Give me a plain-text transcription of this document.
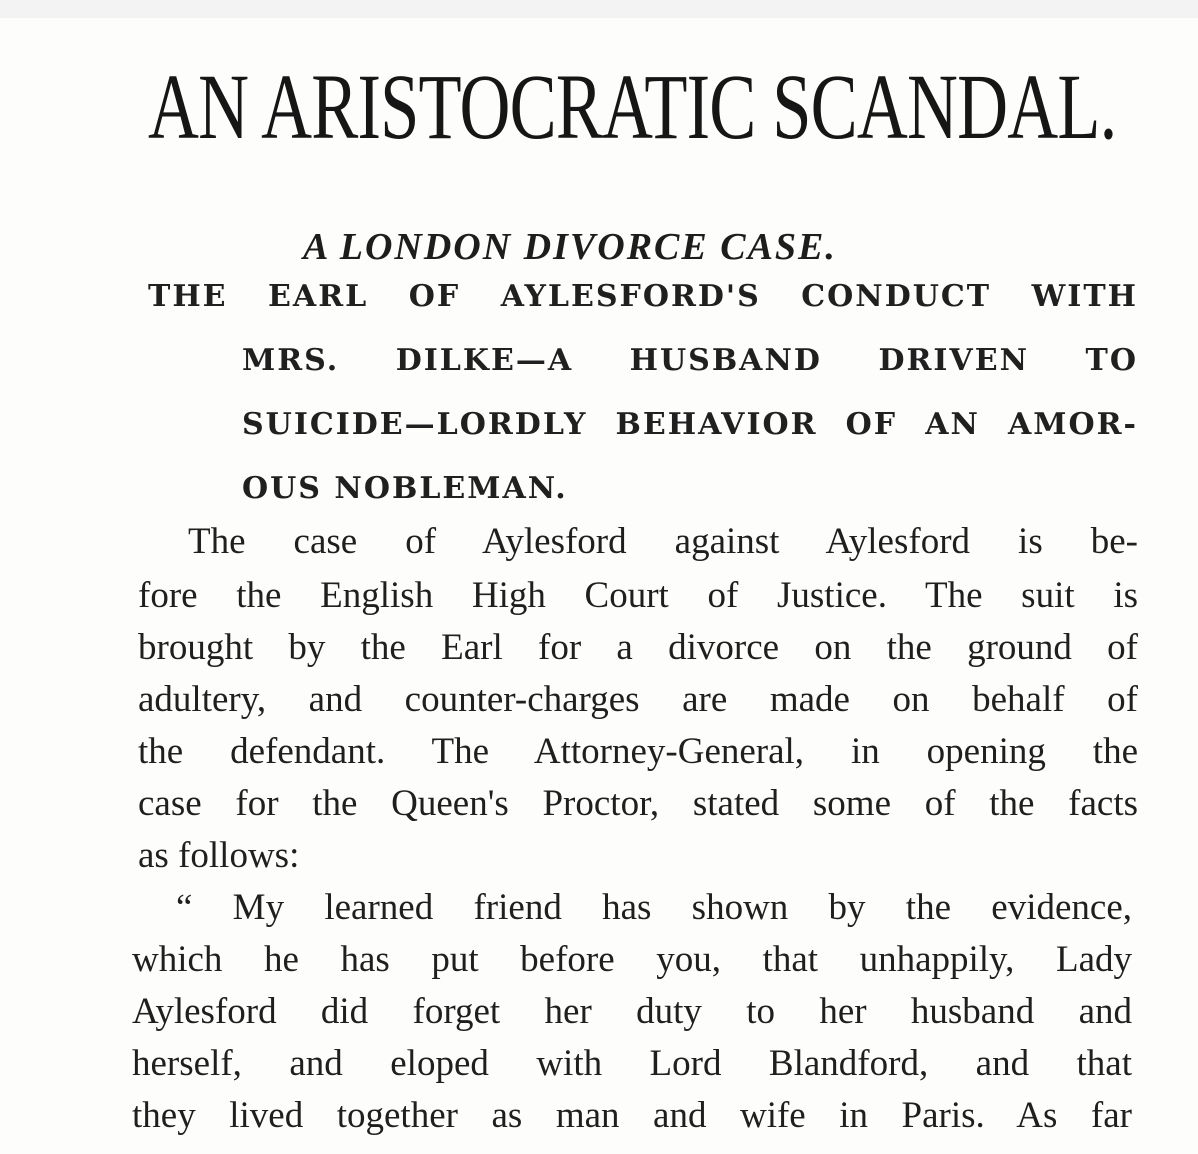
AN ARISTOCRATIC SCANDAL.
A LONDON DIVORCE CASE.
THE EARL OF AYLESFORD'S CONDUCT WITH
MRS. DILKE—A HUSBAND DRIVEN TO
SUICIDE—LORDLY BEHAVIOR OF AN AMOR-
OUS NOBLEMAN.
The case of Aylesford against Aylesford is be-
fore the English High Court of Justice. The suit is
brought by the Earl for a divorce on the ground of
adultery, and counter-charges are made on behalf of
the defendant. The Attorney-General, in opening the
case for the Queen's Proctor, stated some of the facts
as follows:
“ My learned friend has shown by the evidence,
which he has put before you, that unhappily, Lady
Aylesford did forget her duty to her husband and
herself, and eloped with Lord Blandford, and that
they lived together as man and wife in Paris. As far
